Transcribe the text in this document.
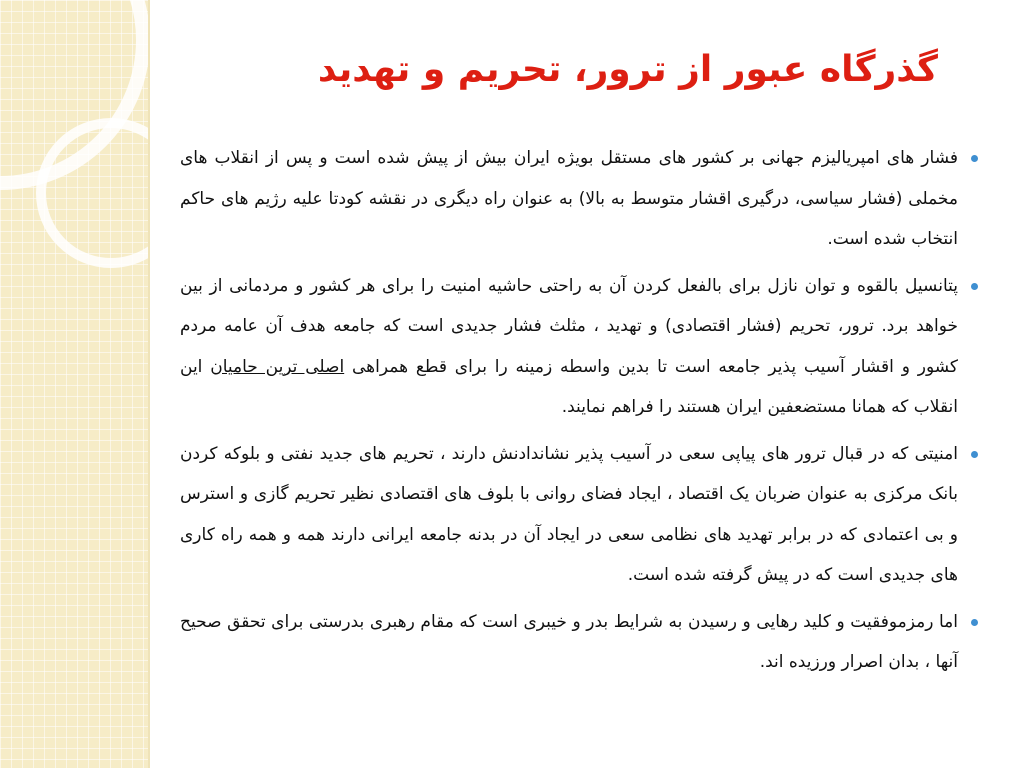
گذرگاه عبور از ترور، تحریم و تهدید
فشار های امپریالیزم جهانی بر کشور های مستقل بویژه ایران بیش از پیش شده است و پس از انقلاب های مخملی (فشار سیاسی، درگیری اقشار متوسط به بالا) به عنوان راه دیگری در نقشه کودتا علیه رژیم های حاکم انتخاب شده است.
پتانسیل بالقوه و توان نازل برای بالفعل کردن آن به راحتی حاشیه امنیت را برای هر کشور و مردمانی از بین خواهد برد. ترور، تحریم (فشار اقتصادی) و تهدید ، مثلث فشار جدیدی است که جامعه هدف آن عامه مردم کشور و اقشار آسیب پذیر جامعه است تا بدین واسطه زمینه را برای قطع همراهی اصلی ترین حامیان این انقلاب که همانا مستضعفین ایران هستند را فراهم نمایند.
امنیتی که در قبال ترور های پیاپی سعی در آسیب پذیر نشاندادنش دارند ، تحریم های جدید نفتی و بلوکه کردن بانک مرکزی به عنوان ضربان یک اقتصاد ، ایجاد فضای روانی با بلوف های اقتصادی نظیر تحریم گازی و استرس و بی اعتمادی که در برابر تهدید های نظامی سعی در ایجاد آن در بدنه جامعه ایرانی دارند همه و همه راه کاری های جدیدی است که در پیش گرفته شده است.
اما رمزموفقیت و کلید رهایی و رسیدن به شرایط بدر و خیبری است که مقام رهبری بدرستی برای تحقق صحیح آنها ، بدان اصرار ورزیده اند.
